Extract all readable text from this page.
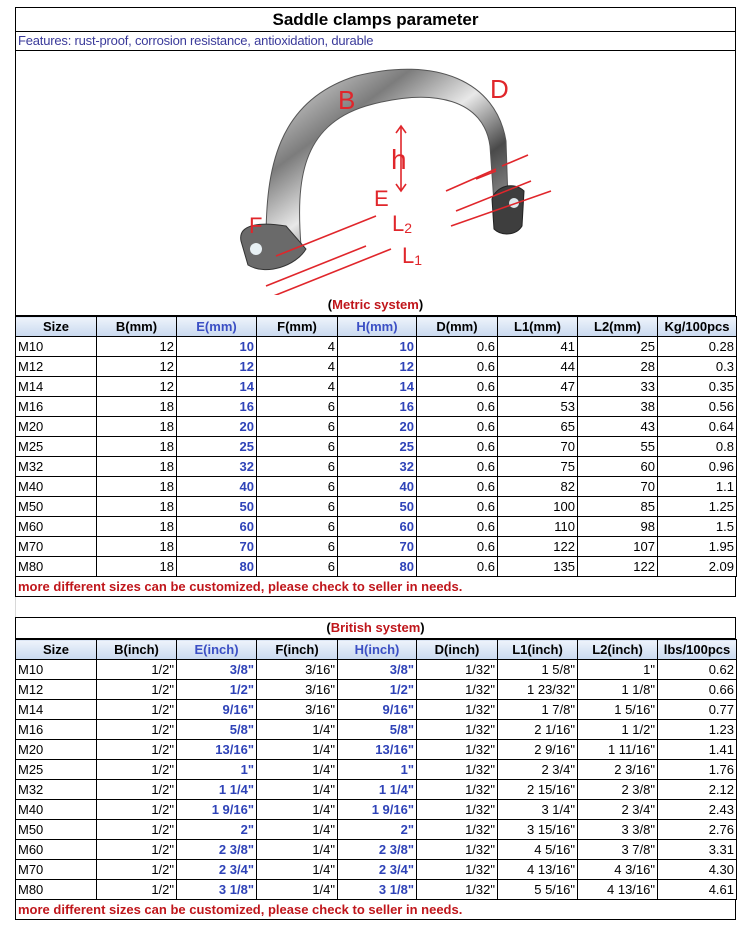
Saddle clamps parameter
Features: rust-proof, corrosion resistance, antioxidation, durable
B	D
h
E
F	L2
L1
(Metric system)
Size	B(mm)	E(mm)	F(mm)	H(mm)	D(mm)	L1(mm)	L2(mm)	Kg/100pcs
M10	12	10	4	10	0.6	41	25	0.28
M12	12	12	4	12	0.6	44	28	0.3
M14	12	14	4	14	0.6	47	33	0.35
M16	18	16	6	16	0.6	53	38	0.56
M20	18	20	6	20	0.6	65	43	0.64
M25	18	25	6	25	0.6	70	55	0.8
M32	18	32	6	32	0.6	75	60	0.96
M40	18	40	6	40	0.6	82	70	1.1
M50	18	50	6	50	0.6	100	85	1.25
M60	18	60	6	60	0.6	110	98	1.5
M70	18	70	6	70	0.6	122	107	1.95
M80	18	80	6	80	0.6	135	122	2.09
more different sizes can be customized, please check to seller in needs.
(British system)
Size	B(inch)	E(inch)	F(inch)	H(inch)	D(inch)	L1(inch)	L2(inch)	lbs/100pcs
M10	1/2"	3/8"	3/16"	3/8"	1/32"	1 5/8"	1"	0.62
M12	1/2"	1/2"	3/16"	1/2"	1/32"	1 23/32"	1 1/8"	0.66
M14	1/2"	9/16"	3/16"	9/16"	1/32"	1 7/8"	1 5/16"	0.77
M16	1/2"	5/8"	1/4"	5/8"	1/32"	2 1/16"	1 1/2"	1.23
M20	1/2"	13/16"	1/4"	13/16"	1/32"	2 9/16"	1 11/16"	1.41
M25	1/2"	1"	1/4"	1"	1/32"	2 3/4"	2 3/16"	1.76
M32	1/2"	1 1/4"	1/4"	1 1/4"	1/32"	2 15/16"	2 3/8"	2.12
M40	1/2"	1 9/16"	1/4"	1 9/16"	1/32"	3 1/4"	2 3/4"	2.43
M50	1/2"	2"	1/4"	2"	1/32"	3 15/16"	3 3/8"	2.76
M60	1/2"	2 3/8"	1/4"	2 3/8"	1/32"	4 5/16"	3 7/8"	3.31
M70	1/2"	2 3/4"	1/4"	2 3/4"	1/32"	4 13/16"	4 3/16"	4.30
M80	1/2"	3 1/8"	1/4"	3 1/8"	1/32"	5 5/16"	4 13/16"	4.61
more different sizes can be customized, please check to seller in needs.
